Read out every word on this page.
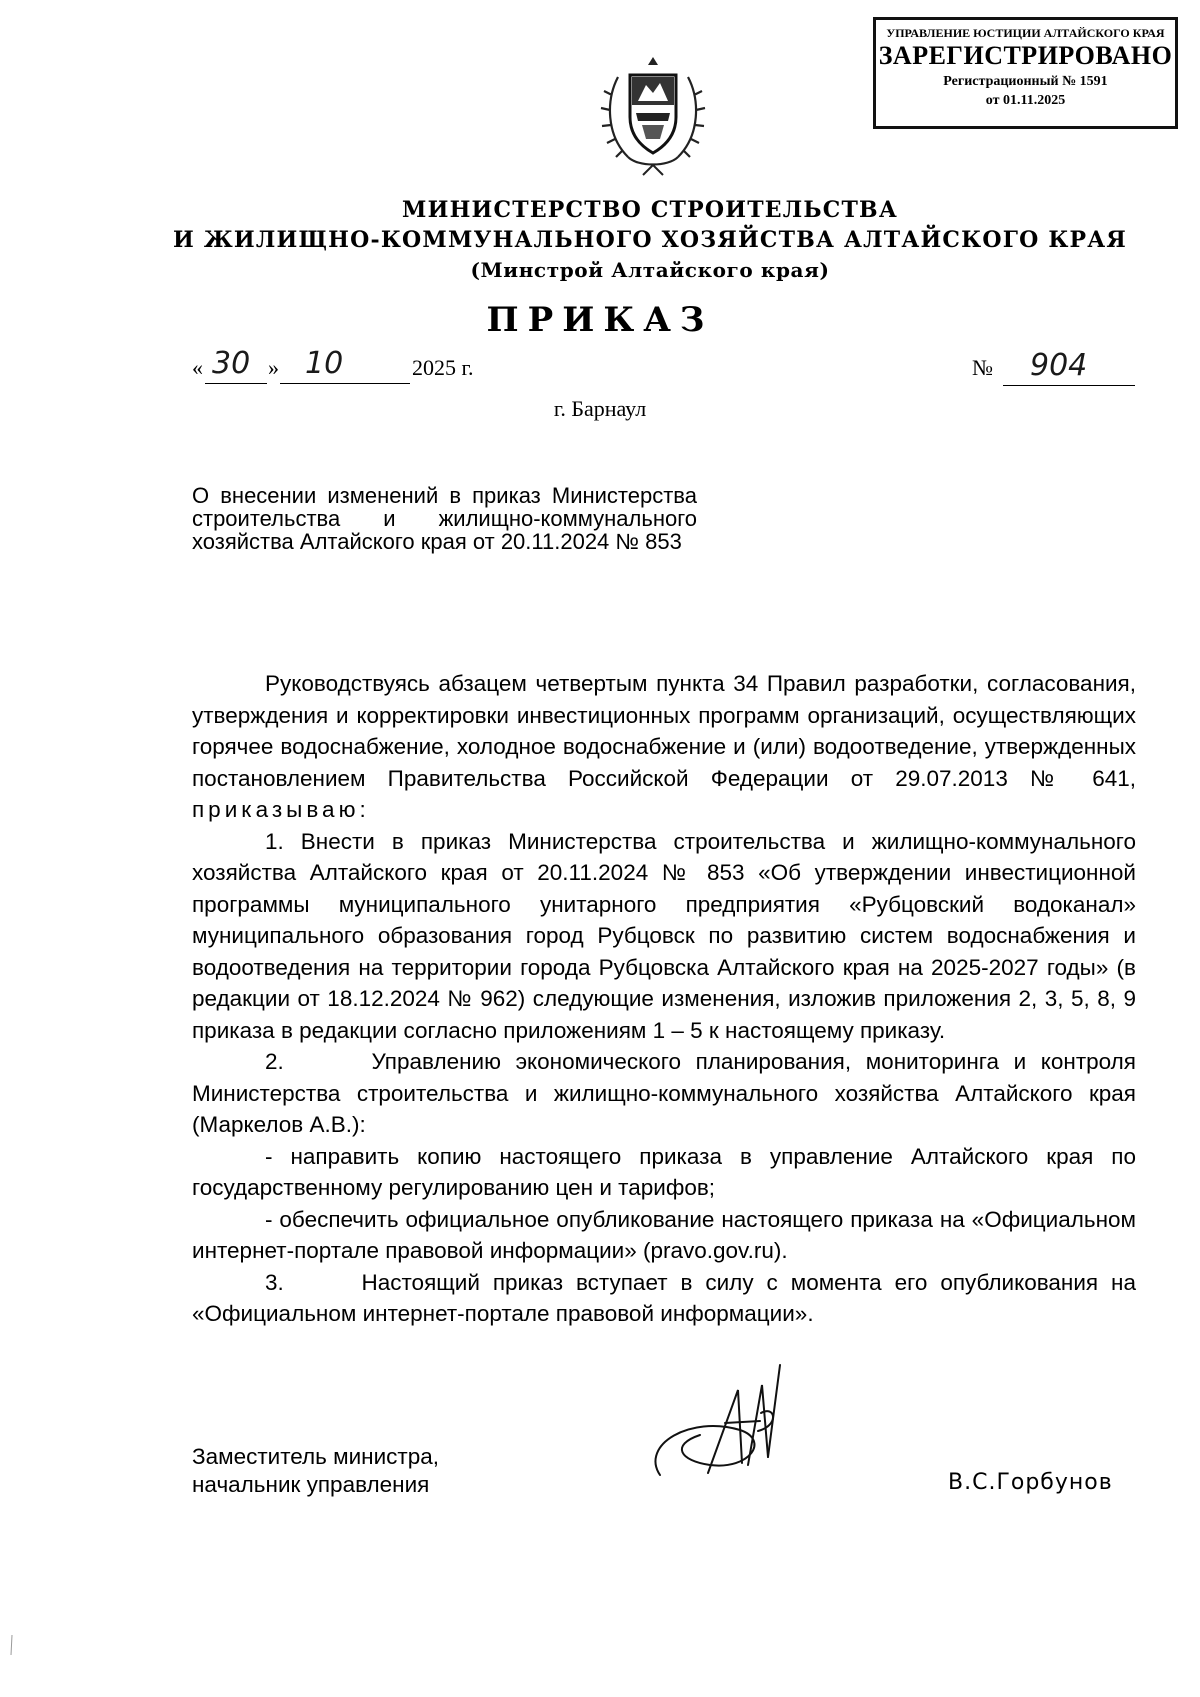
УПРАВЛЕНИЕ ЮСТИЦИИ АЛТАЙСКОГО КРАЯ
ЗАРЕГИСТРИРОВАНО
Регистрационный № 1591
от 01.11.2025
МИНИСТЕРСТВО СТРОИТЕЛЬСТВА
И ЖИЛИЩНО-КОММУНАЛЬНОГО ХОЗЯЙСТВА АЛТАЙСКОГО КРАЯ
(Минстрой Алтайского края)
ПРИКАЗ
« 30 » 10	2025 г.	№ 904
г. Барнаул
О внесении изменений в приказ Министерства строительства и жилищно-коммунального хозяйства Алтайского края от 20.11.2024 № 853

Руководствуясь абзацем четвертым пункта 34 Правил разработки, согласования, утверждения и корректировки инвестиционных программ организаций, осуществляющих горячее водоснабжение, холодное водоснабжение и (или) водоотведение, утвержденных постановлением Правительства Российской Федерации от 29.07.2013 № 641, приказываю:

1. Внести в приказ Министерства строительства и жилищно-коммунального хозяйства Алтайского края от 20.11.2024 № 853 «Об утверждении инвестиционной программы муниципального унитарного предприятия «Рубцовский водоканал» муниципального образования город Рубцовск по развитию систем водоснабжения и водоотведения на территории города Рубцовска Алтайского края на 2025-2027 годы» (в редакции от 18.12.2024 № 962) следующие изменения, изложив приложения 2, 3, 5, 8, 9 приказа в редакции согласно приложениям 1 – 5 к настоящему приказу.

2.      Управлению экономического планирования, мониторинга и контроля Министерства строительства и жилищно-коммунального хозяйства Алтайского края (Маркелов А.В.):

- направить копию настоящего приказа в управление Алтайского края по государственному регулированию цен и тарифов;

- обеспечить официальное опубликование настоящего приказа на «Официальном интернет-портале правовой информации» (pravo.gov.ru).

3.      Настоящий приказ вступает в силу с момента его опубликования на «Официальном интернет-портале правовой информации».

Заместитель министра,
начальник управления	В.С.Горбунов
